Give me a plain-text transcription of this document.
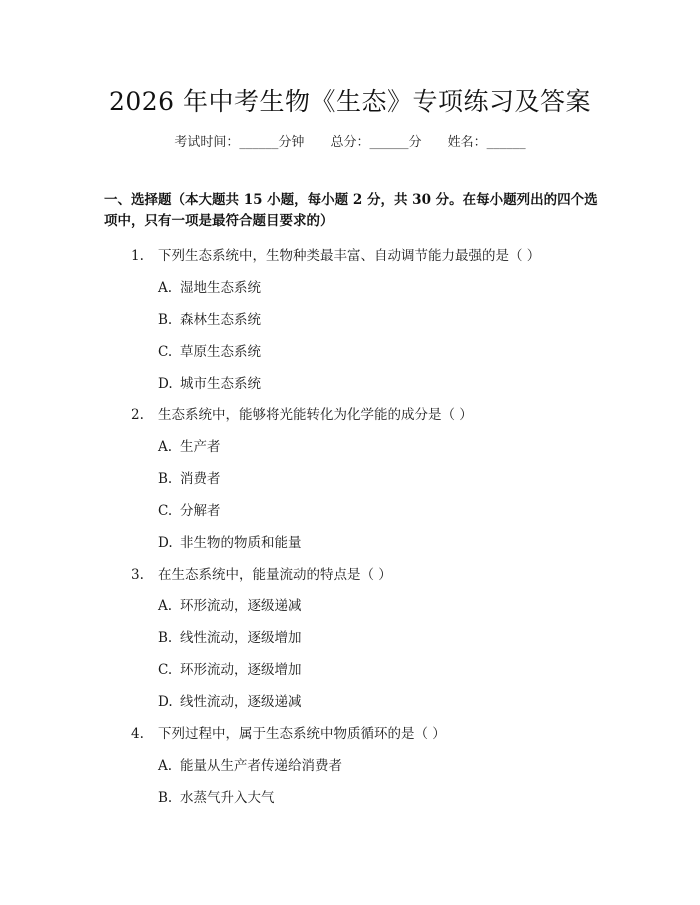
2026 年中考生物《生态》专项练习及答案
考试时间：______分钟 总分：______分 姓名：______
一、选择题（本大题共 15 小题，每小题 2 分，共 30 分。在每小题列出的四个选项中，只有一项是最符合题目要求的）
1. 下列生态系统中，生物种类最丰富、自动调节能力最强的是（ ）
A. 湿地生态系统
B. 森林生态系统
C. 草原生态系统
D. 城市生态系统
2. 生态系统中，能够将光能转化为化学能的成分是（ ）
A. 生产者
B. 消费者
C. 分解者
D. 非生物的物质和能量
3. 在生态系统中，能量流动的特点是（ ）
A. 环形流动，逐级递减
B. 线性流动，逐级增加
C. 环形流动，逐级增加
D. 线性流动，逐级递减
4. 下列过程中，属于生态系统中物质循环的是（ ）
A. 能量从生产者传递给消费者
B. 水蒸气升入大气
